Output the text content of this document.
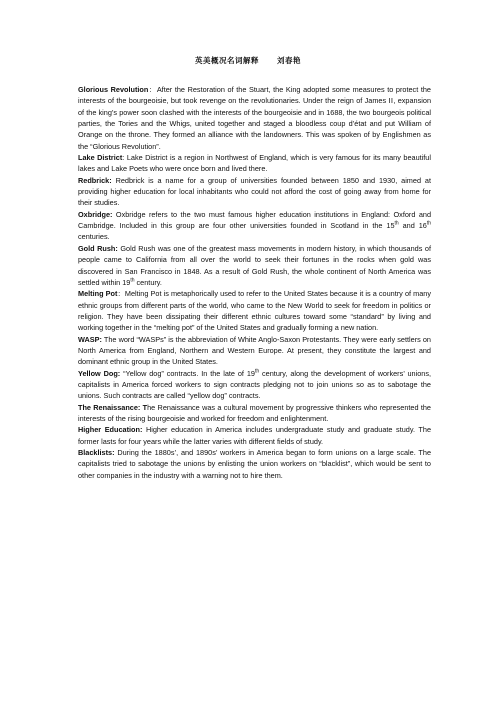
英美概况名词解释 刘春艳

Glorious Revolution：After the Restoration of the Stuart, the King adopted some measures to protect the interests of the bourgeoisie, but took revenge on the revolutionaries. Under the reign of James ⅠⅠ, expansion of the king’s power soon clashed with the interests of the bourgeoisie and in 1688, the two bourgeois political parties, the Tories and the Whigs, united together and staged a bloodless coup d’état and put William of Orange on the throne. They formed an alliance with the landowners. This was spoken of by Englishmen as the “Glorious Revolution”.

Lake District: Lake District is a region in Northwest of England, which is very famous for its many beautiful lakes and Lake Poets who were once born and lived there.

Redbrick: Redbrick is a name for a group of universities founded between 1850 and 1930, aimed at providing higher education for local inhabitants who could not afford the cost of going away from home for their studies.

Oxbridge: Oxbridge refers to the two must famous higher education institutions in England: Oxford and Cambridge. Included in this group are four other universities founded in Scotland in the 15th and 16th centuries.

Gold Rush: Gold Rush was one of the greatest mass movements in modern history, in which thousands of people came to California from all over the world to seek their fortunes in the rocks when gold was discovered in San Francisco in 1848. As a result of Gold Rush, the whole continent of North America was settled within 19th century.

Melting Pot：Melting Pot is metaphorically used to refer to the United States because it is a country of many ethnic groups from different parts of the world, who came to the New World to seek for freedom in politics or religion. They have been dissipating their different ethnic cultures toward some “standard” by living and working together in the “melting pot” of the United States and gradually forming a new nation.

WASP: The word “WASPs” is the abbreviation of White Anglo-Saxon Protestants. They were early settlers on North America from England, Northern and Western Europe. At present, they constitute the largest and dominant ethnic group in the United States.

Yellow Dog: “Yellow dog” contracts. In the late of 19th century, along the development of workers’ unions, capitalists in America forced workers to sign contracts pledging not to join unions so as to sabotage the unions. Such contracts are called “yellow dog” contracts.

The Renaissance: The Renaissance was a cultural movement by progressive thinkers who represented the interests of the rising bourgeoisie and worked for freedom and enlightenment.

Higher Education: Higher education in America includes undergraduate study and graduate study. The former lasts for four years while the latter varies with different fields of study.

Blacklists: During the 1880s’, and 1890s’ workers in America began to form unions on a large scale. The capitalists tried to sabotage the unions by enlisting the union workers on “blacklist”, which would be sent to other companies in the industry with a warning not to hire them.
